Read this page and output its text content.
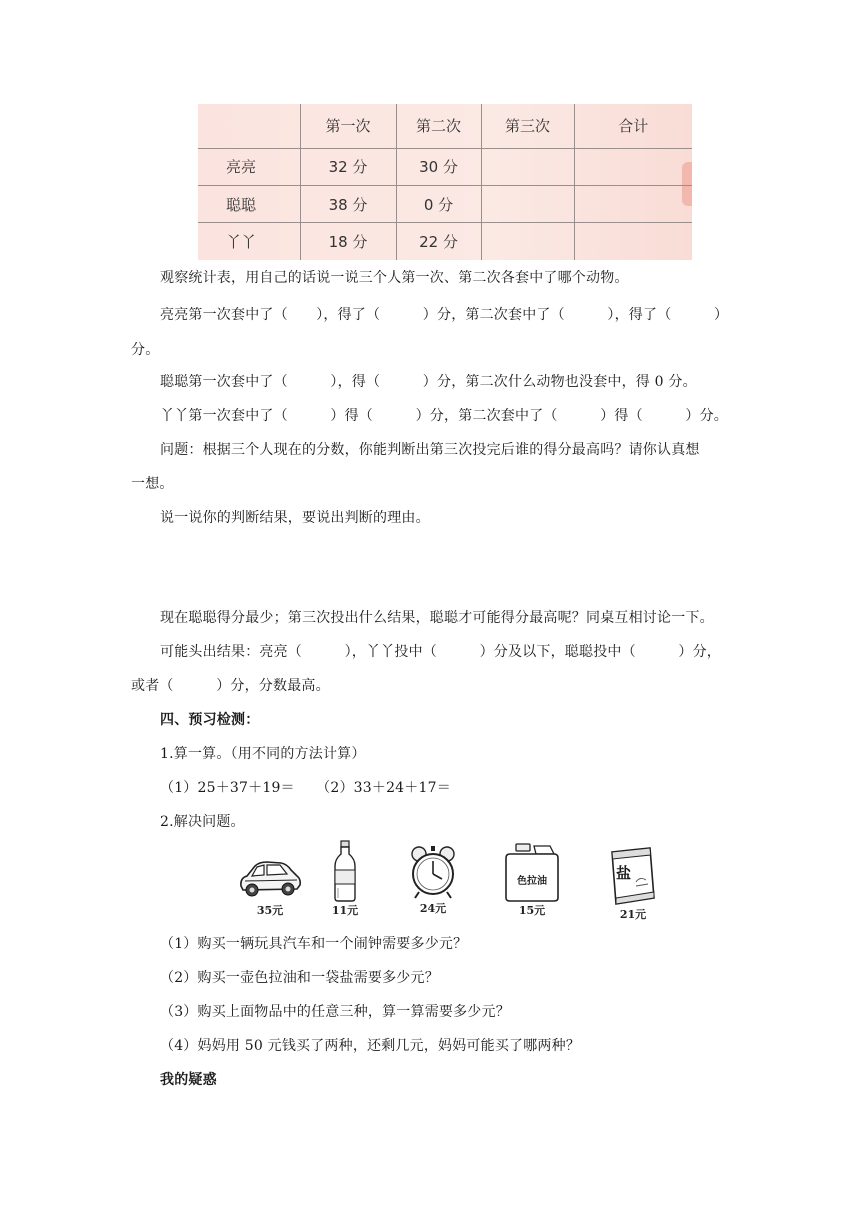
	第一次	第二次	第三次	合计
亮亮	32 分	30 分		
聪聪	38 分	0 分		
丫丫	18 分	22 分		
观察统计表，用自己的话说一说三个人第一次、第二次各套中了哪个动物。
亮亮第一次套中了（　　），得了（　　　）分，第二次套中了（　　　），得了（　　　）
分。
聪聪第一次套中了（　　　），得（　　　）分，第二次什么动物也没套中，得 0 分。
丫丫第一次套中了（　　　）得（　　　）分，第二次套中了（　　　）得（　　　）分。
问题：根据三个人现在的分数，你能判断出第三次投完后谁的得分最高吗？请你认真想
一想。
说一说你的判断结果，要说出判断的理由。
现在聪聪得分最少；第三次投出什么结果，聪聪才可能得分最高呢？同桌互相讨论一下。
可能头出结果：亮亮（　　　），丫丫投中（　　　）分及以下，聪聪投中（　　　）分，
或者（　　　）分，分数最高。
四、预习检测：
1.算一算。（用不同的方法计算）
（1）25＋37＋19＝　　（2）33＋24＋17＝
2.解决问题。
35元	11元	24元
色拉油
15元
盐
21元
（1）购买一辆玩具汽车和一个闹钟需要多少元？
（2）购买一壶色拉油和一袋盐需要多少元？
（3）购买上面物品中的任意三种，算一算需要多少元？
（4）妈妈用 50 元钱买了两种，还剩几元，妈妈可能买了哪两种？
我的疑惑
